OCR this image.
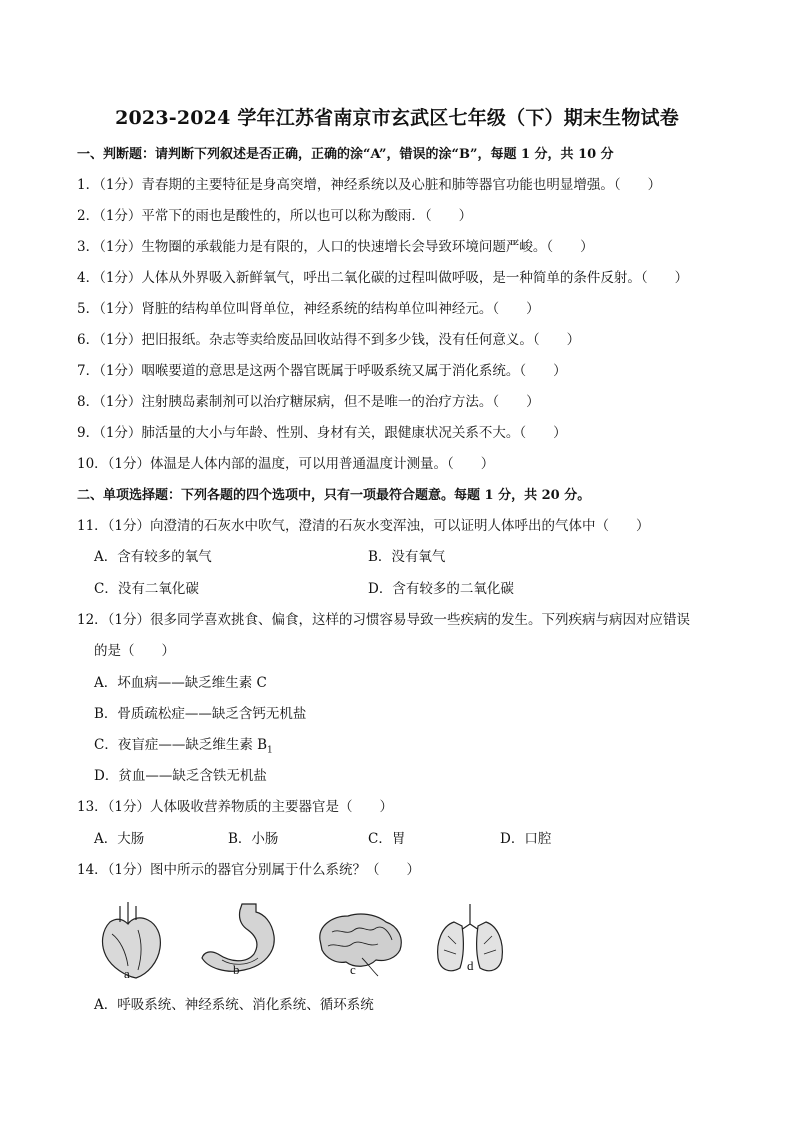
2023-2024 学年江苏省南京市玄武区七年级（下）期末生物试卷
一、判断题：请判断下列叙述是否正确，正确的涂“A”，错误的涂“B”，每题 1 分，共 10 分
1．（1分）青春期的主要特征是身高突增，神经系统以及心脏和肺等器官功能也明显增强。（　　）
2．（1分）平常下的雨也是酸性的，所以也可以称为酸雨．（　　）
3．（1分）生物圈的承载能力是有限的，人口的快速增长会导致环境问题严峻。（　　）
4．（1分）人体从外界吸入新鲜氧气，呼出二氧化碳的过程叫做呼吸，是一种简单的条件反射。（　　）
5．（1分）肾脏的结构单位叫肾单位，神经系统的结构单位叫神经元。（　　）
6．（1分）把旧报纸。杂志等卖给废品回收站得不到多少钱，没有任何意义。（　　）
7．（1分）咽喉要道的意思是这两个器官既属于呼吸系统又属于消化系统。（　　）
8．（1分）注射胰岛素制剂可以治疗糖尿病，但不是唯一的治疗方法。（　　）
9．（1分）肺活量的大小与年龄、性别、身材有关，跟健康状况关系不大。（　　）
10．（1分）体温是人体内部的温度，可以用普通温度计测量。（　　）
二、单项选择题：下列各题的四个选项中，只有一项最符合题意。每题 1 分，共 20 分。
11．（1分）向澄清的石灰水中吹气，澄清的石灰水变浑浊，可以证明人体呼出的气体中（　　）
A．含有较多的氧气	B．没有氧气
C．没有二氧化碳	D．含有较多的二氧化碳
12．（1分）很多同学喜欢挑食、偏食，这样的习惯容易导致一些疾病的发生。下列疾病与病因对应错误
的是（　　）
A．坏血病——缺乏维生素 C
B．骨质疏松症——缺乏含钙无机盐
C．夜盲症——缺乏维生素 $B_1$
D．贫血——缺乏含铁无机盐
13．（1分）人体吸收营养物质的主要器官是（　　）
A．大肠	B．小肠	C．胃	D．口腔
14．（1分）图中所示的器官分别属于什么系统？（　　）
a	b	c	d
A．呼吸系统、神经系统、消化系统、循环系统
